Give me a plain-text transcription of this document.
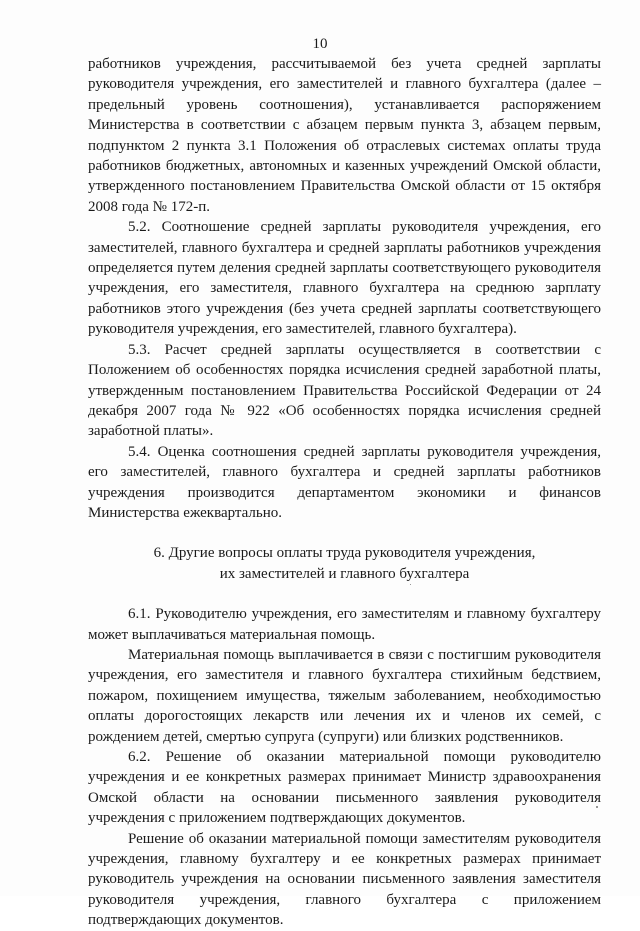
10

работников учреждения, рассчитываемой без учета средней зарплаты руководителя учреждения, его заместителей и главного бухгалтера (далее – предельный уровень соотношения), устанавливается распоряжением Министерства в соответствии с абзацем первым пункта 3, абзацем первым, подпунктом 2 пункта 3.1 Положения об отраслевых системах оплаты труда работников бюджетных, автономных и казенных учреждений Омской области, утвержденного постановлением Правительства Омской области от 15 октября 2008 года № 172-п.

5.2. Соотношение средней зарплаты руководителя учреждения, его заместителей, главного бухгалтера и средней зарплаты работников учреждения определяется путем деления средней зарплаты соответствующего руководителя учреждения, его заместителя, главного бухгалтера на среднюю зарплату работников этого учреждения (без учета средней зарплаты соответствующего руководителя учреждения, его заместителей, главного бухгалтера).

5.3. Расчет средней зарплаты осуществляется в соответствии с Положением об особенностях порядка исчисления средней заработной платы, утвержденным постановлением Правительства Российской Федерации от 24 декабря 2007 года № 922 «Об особенностях порядка исчисления средней заработной платы».

5.4. Оценка соотношения средней зарплаты руководителя учреждения, его заместителей, главного бухгалтера и средней зарплаты работников учреждения производится департаментом экономики и финансов Министерства ежеквартально.

6. Другие вопросы оплаты труда руководителя учреждения,
их заместителей и главного бухгалтера

6.1. Руководителю учреждения, его заместителям и главному бухгалтеру может выплачиваться материальная помощь.

Материальная помощь выплачивается в связи с постигшим руководителя учреждения, его заместителя и главного бухгалтера стихийным бедствием, пожаром, похищением имущества, тяжелым заболеванием, необходимостью оплаты дорогостоящих лекарств или лечения их и членов их семей, с рождением детей, смертью супруга (супруги) или близких родственников.

6.2. Решение об оказании материальной помощи руководителю учреждения и ее конкретных размерах принимает Министр здравоохранения Омской области на основании письменного заявления руководителя учреждения с приложением подтверждающих документов.

Решение об оказании материальной помощи заместителям руководителя учреждения, главному бухгалтеру и ее конкретных размерах принимает руководитель учреждения на основании письменного заявления заместителя руководителя учреждения, главного бухгалтера с приложением подтверждающих документов.
